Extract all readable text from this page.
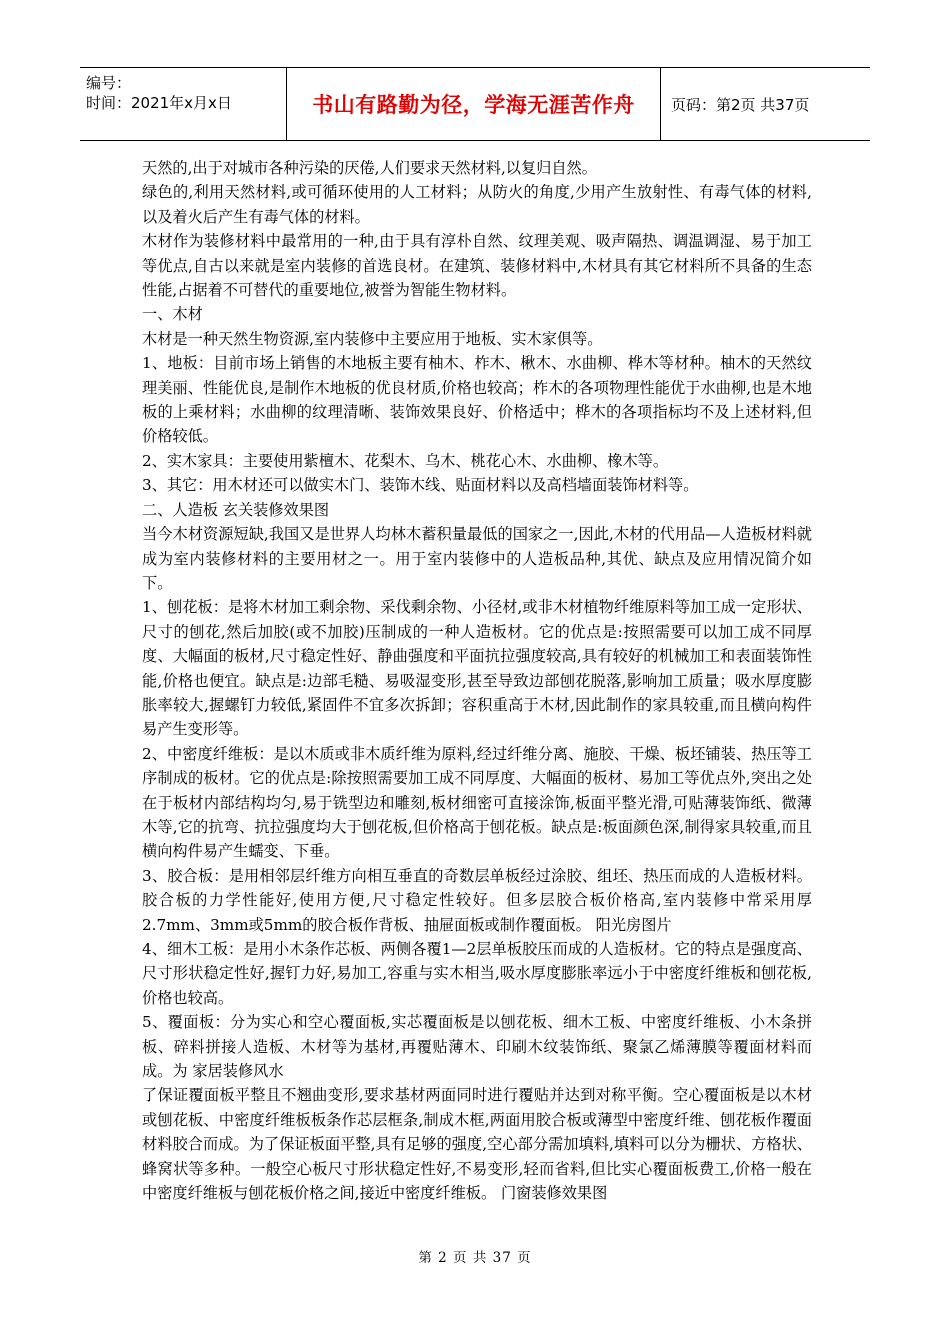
编号：
时间：2021年x月x日	书山有路勤为径，学海无涯苦作舟	页码：第2页 共37页

天然的,出于对城市各种污染的厌倦,人们要求天然材料,以复归自然。

绿色的,利用天然材料,或可循环使用的人工材料；从防火的角度,少用产生放射性、有毒气体的材料,以及着火后产生有毒气体的材料。

木材作为装修材料中最常用的一种,由于具有淳朴自然、纹理美观、吸声隔热、调温调湿、易于加工等优点,自古以来就是室内装修的首选良材。在建筑、装修材料中,木材具有其它材料所不具备的生态性能,占据着不可替代的重要地位,被誉为智能生物材料。

一、木材

木材是一种天然生物资源,室内装修中主要应用于地板、实木家俱等。

1、地板：目前市场上销售的木地板主要有柚木、柞木、楸木、水曲柳、桦木等材种。柚木的天然纹理美丽、性能优良,是制作木地板的优良材质,价格也较高；柞木的各项物理性能优于水曲柳,也是木地板的上乘材料；水曲柳的纹理清晰、装饰效果良好、价格适中；桦木的各项指标均不及上述材料,但价格较低。

2、实木家具：主要使用紫檀木、花梨木、乌木、桃花心木、水曲柳、橡木等。

3、其它：用木材还可以做实木门、装饰木线、贴面材料以及高档墙面装饰材料等。

二、人造板 玄关装修效果图

当今木材资源短缺,我国又是世界人均林木蓄积量最低的国家之一,因此,木材的代用品—人造板材料就成为室内装修材料的主要用材之一。用于室内装修中的人造板品种,其优、缺点及应用情况简介如下。

1、刨花板：是将木材加工剩余物、采伐剩余物、小径材,或非木材植物纤维原料等加工成一定形状、尺寸的刨花,然后加胶(或不加胶)压制成的一种人造板材。它的优点是:按照需要可以加工成不同厚度、大幅面的板材,尺寸稳定性好、静曲强度和平面抗拉强度较高,具有较好的机械加工和表面装饰性能,价格也便宜。缺点是:边部毛糙、易吸湿变形,甚至导致边部刨花脱落,影响加工质量；吸水厚度膨胀率较大,握螺钉力较低,紧固件不宜多次拆卸；容积重高于木材,因此制作的家具较重,而且横向构件易产生变形等。

2、中密度纤维板：是以木质或非木质纤维为原料,经过纤维分离、施胶、干燥、板坯铺装、热压等工序制成的板材。它的优点是:除按照需要加工成不同厚度、大幅面的板材、易加工等优点外,突出之处在于板材内部结构均匀,易于铣型边和雕刻,板材细密可直接涂饰,板面平整光滑,可贴薄装饰纸、微薄木等,它的抗弯、抗拉强度均大于刨花板,但价格高于刨花板。缺点是:板面颜色深,制得家具较重,而且横向构件易产生蠕变、下垂。

3、胶合板：是用相邻层纤维方向相互垂直的奇数层单板经过涂胶、组坯、热压而成的人造板材料。胶合板的力学性能好,使用方便,尺寸稳定性较好。但多层胶合板价格高,室内装修中常采用厚2.7mm、3mm或5mm的胶合板作背板、抽屉面板或制作覆面板。 阳光房图片

4、细木工板：是用小木条作芯板、两侧各覆1—2层单板胶压而成的人造板材。它的特点是强度高、尺寸形状稳定性好,握钉力好,易加工,容重与实木相当,吸水厚度膨胀率远小于中密度纤维板和刨花板,价格也较高。

5、覆面板：分为实心和空心覆面板,实芯覆面板是以刨花板、细木工板、中密度纤维板、小木条拼板、碎料拼接人造板、木材等为基材,再覆贴薄木、印刷木纹装饰纸、聚氯乙烯薄膜等覆面材料而成。为 家居装修风水

了保证覆面板平整且不翘曲变形,要求基材两面同时进行覆贴并达到对称平衡。空心覆面板是以木材或刨花板、中密度纤维板板条作芯层框条,制成木框,两面用胶合板或薄型中密度纤维、刨花板作覆面材料胶合而成。为了保证板面平整,具有足够的强度,空心部分需加填料,填料可以分为栅状、方格状、蜂窝状等多种。一般空心板尺寸形状稳定性好,不易变形,轻而省料,但比实心覆面板费工,价格一般在中密度纤维板与刨花板价格之间,接近中密度纤维板。 门窗装修效果图

第 2 页 共 37 页
